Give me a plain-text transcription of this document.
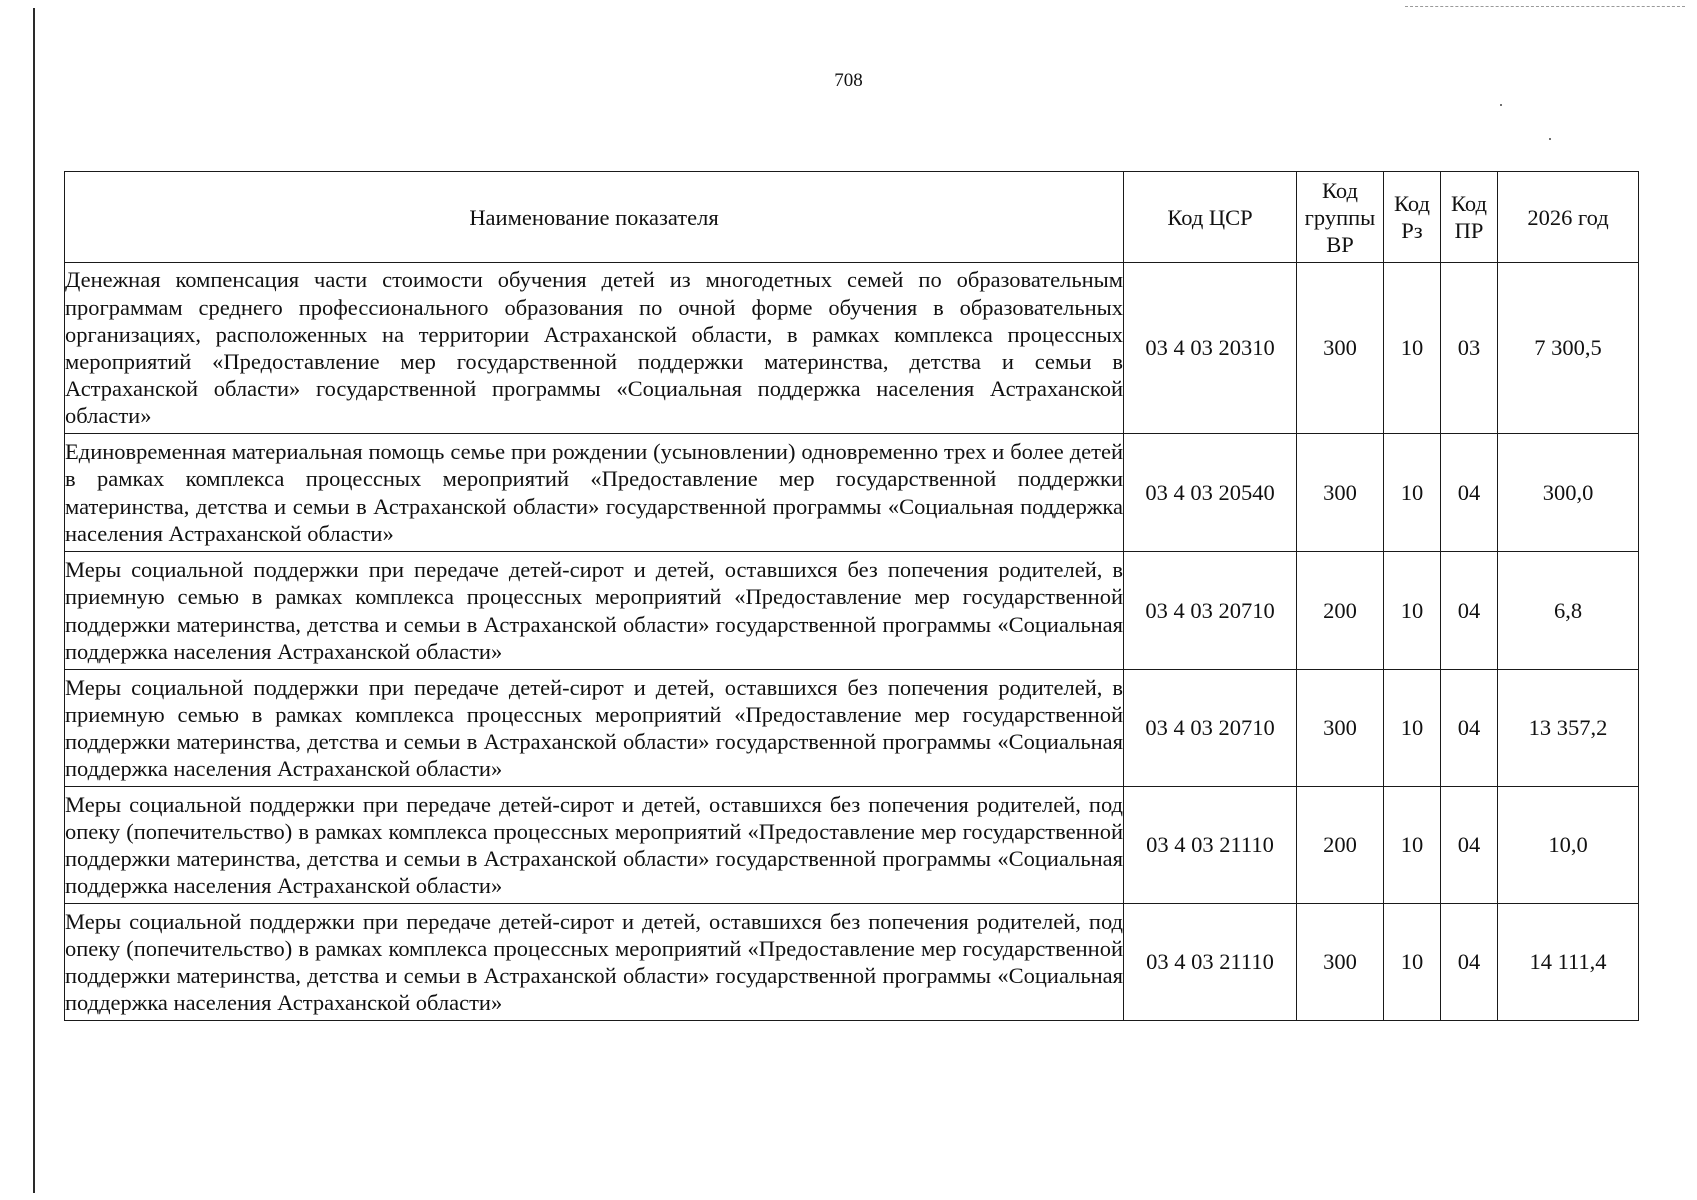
708
Наименование показателя	Код ЦСР	Код группы ВР	Код Рз	Код ПР	2026 год
Денежная компенсация части стоимости обучения детей из многодетных семей по образовательным программам среднего профессионального образования по очной форме обучения в образовательных организациях, расположенных на территории Астраханской области, в рамках комплекса процессных мероприятий «Предоставление мер государственной поддержки материнства, детства и семьи в Астраханской области» государственной программы «Социальная поддержка населения Астраханской области»	03 4 03 20310	300	10	03	7 300,5
Единовременная материальная помощь семье при рождении (усыновлении) одновременно трех и более детей в рамках комплекса процессных мероприятий «Предоставление мер государственной поддержки материнства, детства и семьи в Астраханской области» государственной программы «Социальная поддержка населения Астраханской области»	03 4 03 20540	300	10	04	300,0
Меры социальной поддержки при передаче детей-сирот и детей, оставшихся без попечения родителей, в приемную семью в рамках комплекса процессных мероприятий «Предоставление мер государственной поддержки материнства, детства и семьи в Астраханской области» государственной программы «Социальная поддержка населения Астраханской области»	03 4 03 20710	200	10	04	6,8
Меры социальной поддержки при передаче детей-сирот и детей, оставшихся без попечения родителей, в приемную семью в рамках комплекса процессных мероприятий «Предоставление мер государственной поддержки материнства, детства и семьи в Астраханской области» государственной программы «Социальная поддержка населения Астраханской области»	03 4 03 20710	300	10	04	13 357,2
Меры социальной поддержки при передаче детей-сирот и детей, оставшихся без попечения родителей, под опеку (попечительство) в рамках комплекса процессных мероприятий «Предоставление мер государственной поддержки материнства, детства и семьи в Астраханской области» государственной программы «Социальная поддержка населения Астраханской области»	03 4 03 21110	200	10	04	10,0
Меры социальной поддержки при передаче детей-сирот и детей, оставшихся без попечения родителей, под опеку (попечительство) в рамках комплекса процессных мероприятий «Предоставление мер государственной поддержки материнства, детства и семьи в Астраханской области» государственной программы «Социальная поддержка населения Астраханской области»	03 4 03 21110	300	10	04	14 111,4
